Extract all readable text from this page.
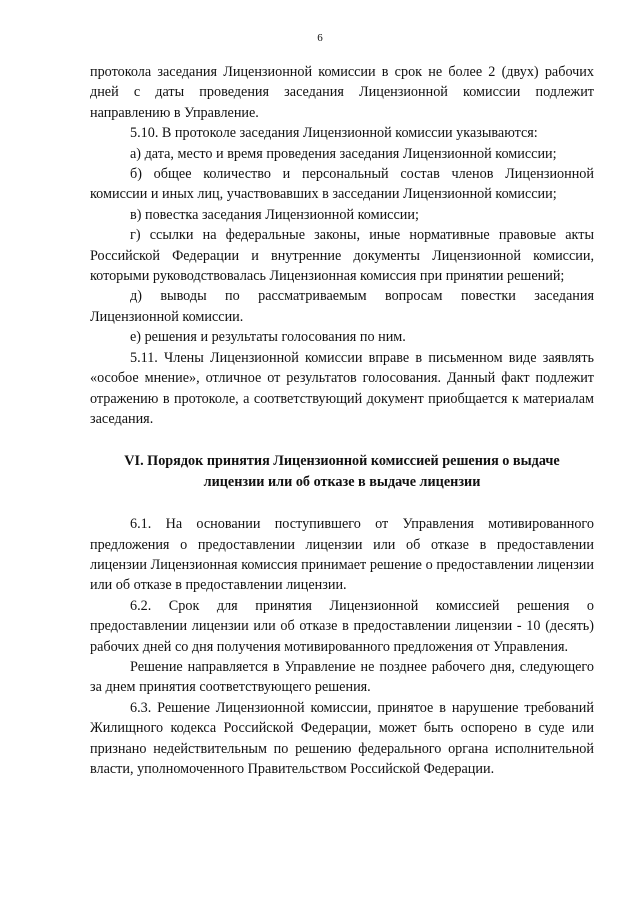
6

протокола заседания Лицензионной комиссии в срок не более 2 (двух) рабочих дней с даты проведения заседания Лицензионной комиссии подлежит направлению в Управление.

5.10. В протоколе заседания Лицензионной комиссии указываются:

а) дата, место и время проведения заседания Лицензионной комиссии;

б) общее количество и персональный состав членов Лицензионной комиссии и иных лиц, участвовавших в засседании Лицензионной комиссии;

в) повестка заседания Лицензионной комиссии;

г) ссылки на федеральные законы, иные нормативные правовые акты Российской Федерации и внутренние документы Лицензионной комиссии, которыми руководствовалась Лицензионная комиссия при принятии решений;

д) выводы по рассматриваемым вопросам повестки заседания Лицензионной комиссии.

е) решения и результаты голосования по ним.

5.11. Члены Лицензионной комиссии вправе в письменном виде заявлять «особое мнение», отличное от результатов голосования. Данный факт подлежит отражению в протоколе, а соответствующий документ приобщается к материалам заседания.

VI. Порядок принятия Лицензионной комиссией решения о выдаче лицензии или об отказе в выдаче лицензии

6.1. На основании поступившего от Управления мотивированного предложения о предоставлении лицензии или об отказе в предоставлении лицензии Лицензионная комиссия принимает решение о предоставлении лицензии или об отказе в предоставлении лицензии.

6.2. Срок для принятия Лицензионной комиссией решения о предоставлении лицензии или об отказе в предоставлении лицензии - 10 (десять) рабочих дней со дня получения мотивированного предложения от Управления.

Решение направляется в Управление не позднее рабочего дня, следующего за днем принятия соответствующего решения.

6.3. Решение Лицензионной комиссии, принятое в нарушение требований Жилищного кодекса Российской Федерации, может быть оспорено в суде или признано недействительным по решению федерального органа исполнительной власти, уполномоченного Правительством Российской Федерации.
